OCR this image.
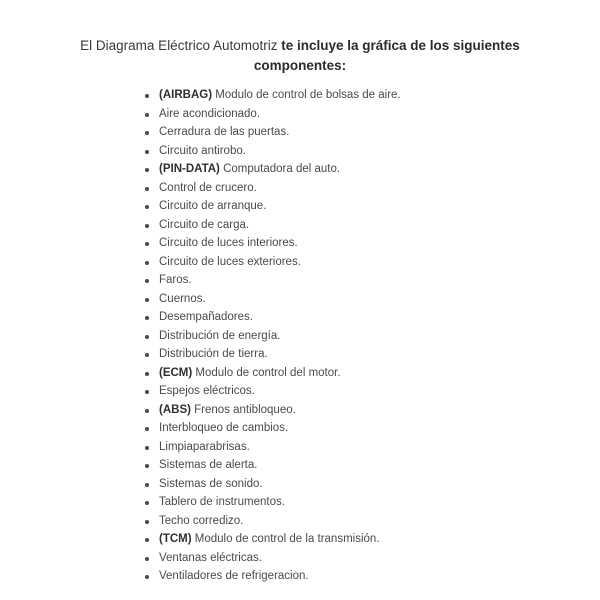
El Diagrama Eléctrico Automotriz te incluye la gráfica de los siguientes componentes:
(AIRBAG) Modulo de control de bolsas de aire.
Aire acondicionado.
Cerradura de las puertas.
Circuito antirobo.
(PIN-DATA) Computadora del auto.
Control de crucero.
Circuito de arranque.
Circuito de carga.
Circuito de luces interiores.
Circuito de luces exteriores.
Faros.
Cuernos.
Desempañadores.
Distribución de energía.
Distribución de tierra.
(ECM) Modulo de control del motor.
Espejos eléctricos.
(ABS) Frenos antibloqueo.
Interbloqueo de cambios.
Limpiaparabrisas.
Sistemas de alerta.
Sistemas de sonido.
Tablero de instrumentos.
Techo corredizo.
(TCM) Modulo de control de la transmisión.
Ventanas eléctricas.
Ventiladores de refrigeracion.
